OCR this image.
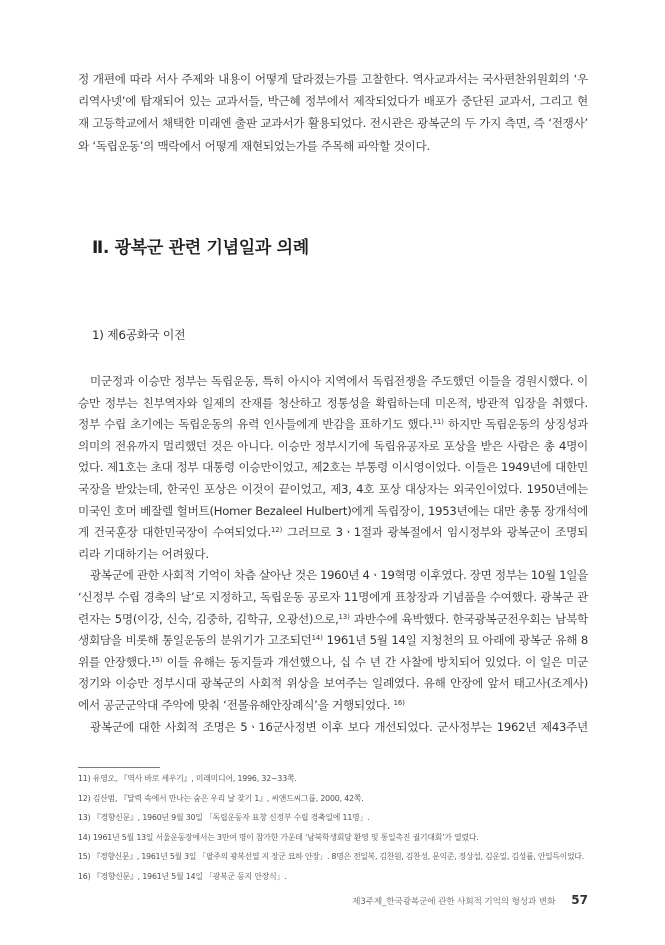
정 개편에 따라 서사 주제와 내용이 어떻게 달라졌는가를 고찰한다. 역사교과서는 국사편찬위원회의 ‘우
리역사넷’에 탑재되어 있는 교과서들, 박근혜 정부에서 제작되었다가 배포가 중단된 교과서, 그리고 현
재 고등학교에서 채택한 미래엔 출판 교과서가 활용되었다. 전시관은 광복군의 두 가지 측면, 즉 ‘전쟁사’
와 ‘독립운동’의 맥락에서 어떻게 재현되었는가를 주목해 파악할 것이다.
Ⅱ. 광복군 관련 기념일과 의례
1) 제6공화국 이전
미군정과 이승만 정부는 독립운동, 특히 아시아 지역에서 독립전쟁을 주도했던 이들을 경원시했다. 이
승만 정부는 친부역자와 일제의 잔재를 청산하고 정통성을 확립하는데 미온적, 방관적 입장을 취했다.
정부 수립 초기에는 독립운동의 유력 인사들에게 반감을 표하기도 했다.$^{11)}$ 하지만 독립운동의 상징성과
의미의 전유까지 멀리했던 것은 아니다. 이승만 정부시기에 독립유공자로 포상을 받은 사람은 총 4명이
었다. 제1호는 초대 정부 대통령 이승만이었고, 제2호는 부통령 이시영이었다. 이들은 1949년에 대한민
국장을 받았는데, 한국인 포상은 이것이 끝이었고, 제3, 4호 포상 대상자는 외국인이었다. 1950년에는
미국인 호머 베잘렐 헐버트(Homer Bezaleel Hulbert)에게 독립장이, 1953년에는 대만 총통 장개석에
게 건국훈장 대한민국장이 수여되었다.$^{12)}$ 그러므로 3ㆍ1절과 광복절에서 임시정부와 광복군이 조명되
리라 기대하기는 어려웠다.
광복군에 관한 사회적 기억이 차츰 살아난 것은 1960년 4ㆍ19혁명 이후였다. 장면 정부는 10월 1일을
‘신정부 수립 경축의 날’로 지정하고, 독립운동 공로자 11명에게 표창장과 기념품을 수여했다. 광복군 관
련자는 5명(이강, 신숙, 김중하, 김학규, 오광선)으로,$^{13)}$ 과반수에 육박했다. 한국광복군전우회는 남북학
생회담을 비롯해 통일운동의 분위기가 고조되던$^{14)}$ 1961년 5월 14일 지청천의 묘 아래에 광복군 유해 8
위를 안장했다.$^{15)}$ 이들 유해는 동지들과 개선했으나, 십 수 년 간 사찰에 방치되어 있었다. 이 일은 미군
정기와 이승만 정부시대 광복군의 사회적 위상을 보여주는 일례였다. 유해 안장에 앞서 태고사(조계사)
에서 공군군악대 주악에 맞춰 ‘전몰유해안장례식’을 거행되었다. $^{16)}$
광복군에 대한 사회적 조명은 5ㆍ16군사정변 이후 보다 개선되었다. 군사정부는 1962년 제43주년
11) 유영오, 『역사 바로 세우기』, 미래미디어, 1996, 32~33쪽.
12) 김산범, 『달력 속에서 만나는 숨은 우리 날 찾기 1』, 씨앤드씨그룹, 2000, 42쪽.
13) 『경향신문』, 1960년 9월 30일 「독립운동자 표창 신정부 수립 경축일에 11명」.
14) 1961년 5월 13일 서울운동장에서는 3만여 명이 참가한 가운데 ‘남북학생회담 환영 및 통일촉진 궐기대회’가 열렸다.
15) 『경향신문』, 1961년 5월 3일 「팔주의 광복선열 지 장군 묘하 안장」. 8명은 전일복, 김찬원, 김찬성, 문익준, 정상섭, 김운일, 김성률, 안일득이었다.
16) 『경향신문』, 1961년 5월 14일 「광복군 동지 안장식」.
제3주제_한국광복군에 관한 사회적 기억의 형성과 변화 57
